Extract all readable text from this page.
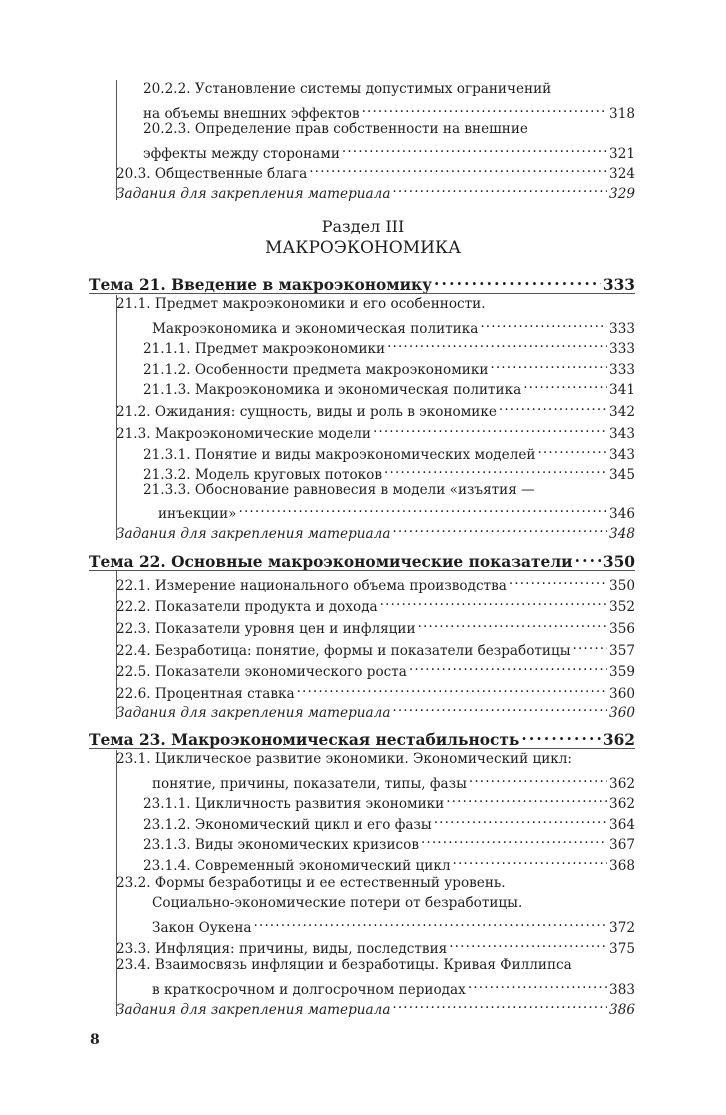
20.2.2. Установление системы допустимых ограничений
на объемы внешних эффектов . . .	318
20.2.3. Определение прав собственности на внешние
эффекты между сторонами . . .	321
20.3. Общественные блага . . .	324
Задания для закрепления материала . . .	329
Раздел III
МАКРОЭКОНОМИКА
Тема 21. Введение в макроэкономику . . .	333
21.1. Предмет макроэкономики и его особенности.
Макроэкономика и экономическая политика . . .	333
21.1.1. Предмет макроэкономики . . .	333
21.1.2. Особенности предмета макроэкономики . . .	333
21.1.3. Макроэкономика и экономическая политика . . .	341
21.2. Ожидания: сущность, виды и роль в экономике . . .	342
21.3. Макроэкономические модели . . .	343
21.3.1. Понятие и виды макроэкономических моделей . . .	343
21.3.2. Модель круговых потоков . . .	345
21.3.3. Обоснование равновесия в модели «изъятия —
инъекции» . . .	346
Задания для закрепления материала . . .	348
Тема 22. Основные макроэкономические показатели . . . 350
22.1. Измерение национального объема производства . . .	350
22.2. Показатели продукта и дохода . . .	352
22.3. Показатели уровня цен и инфляции . . .	356
22.4. Безработица: понятие, формы и показатели безработицы . . .	357
22.5. Показатели экономического роста . . .	359
22.6. Процентная ставка . . .	360
Задания для закрепления материала . . .	360
Тема 23. Макроэкономическая нестабильность . . .	362
23.1. Циклическое развитие экономики. Экономический цикл:
понятие, причины, показатели, типы, фазы . . .	362
23.1.1. Цикличность развития экономики . . .	362
23.1.2. Экономический цикл и его фазы . . .	364
23.1.3. Виды экономических кризисов . . .	367
23.1.4. Современный экономический цикл . . .	368
23.2. Формы безработицы и ее естественный уровень.
Социально-экономические потери от безработицы.
Закон Оукена . . .	372
23.3. Инфляция: причины, виды, последствия . . .	375
23.4. Взаимосвязь инфляции и безработицы. Кривая Филлипса
в краткосрочном и долгосрочном периодах . . .	383
Задания для закрепления материала . . .	386
8
